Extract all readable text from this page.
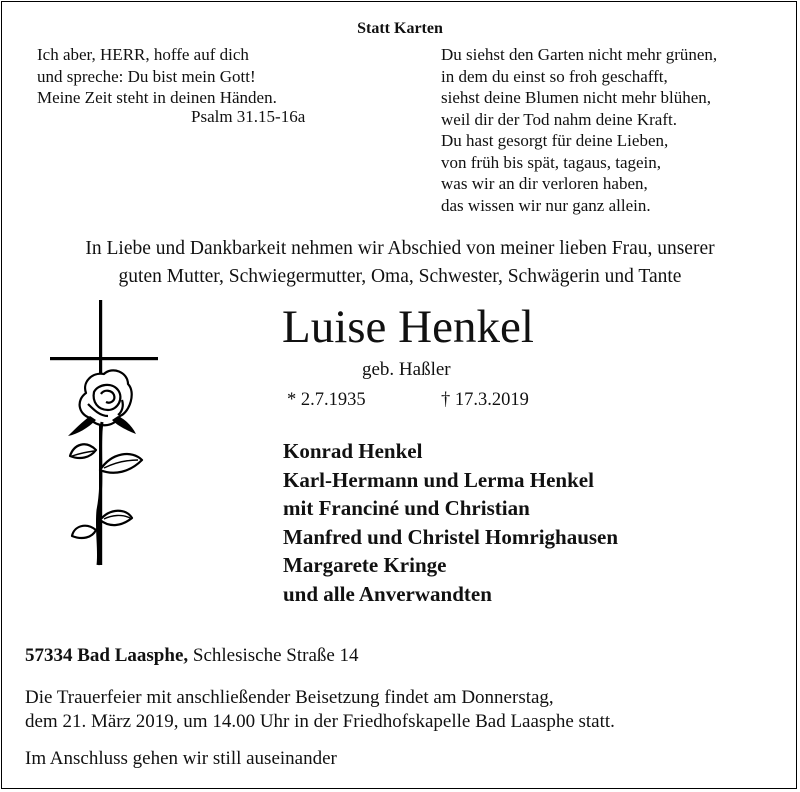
Statt Karten
Ich aber, HERR, hoffe auf dich
und spreche: Du bist mein Gott!
Meine Zeit steht in deinen Händen.
Psalm 31.15-16a
Du siehst den Garten nicht mehr grünen,
in dem du einst so froh geschafft,
siehst deine Blumen nicht mehr blühen,
weil dir der Tod nahm deine Kraft.
Du hast gesorgt für deine Lieben,
von früh bis spät, tagaus, tagein,
was wir an dir verloren haben,
das wissen wir nur ganz allein.
In Liebe und Dankbarkeit nehmen wir Abschied von meiner lieben Frau, unserer
guten Mutter, Schwiegermutter, Oma, Schwester, Schwägerin und Tante
Luise Henkel
geb. Haßler
* 2.7.1935	† 17.3.2019
Konrad Henkel
Karl-Hermann und Lerma Henkel
mit Franciné und Christian
Manfred und Christel Homrighausen
Margarete Kringe
und alle Anverwandten
57334 Bad Laasphe, Schlesische Straße 14
Die Trauerfeier mit anschließender Beisetzung findet am Donnerstag,
dem 21. März 2019, um 14.00 Uhr in der Friedhofskapelle Bad Laasphe statt.
Im Anschluss gehen wir still auseinander
